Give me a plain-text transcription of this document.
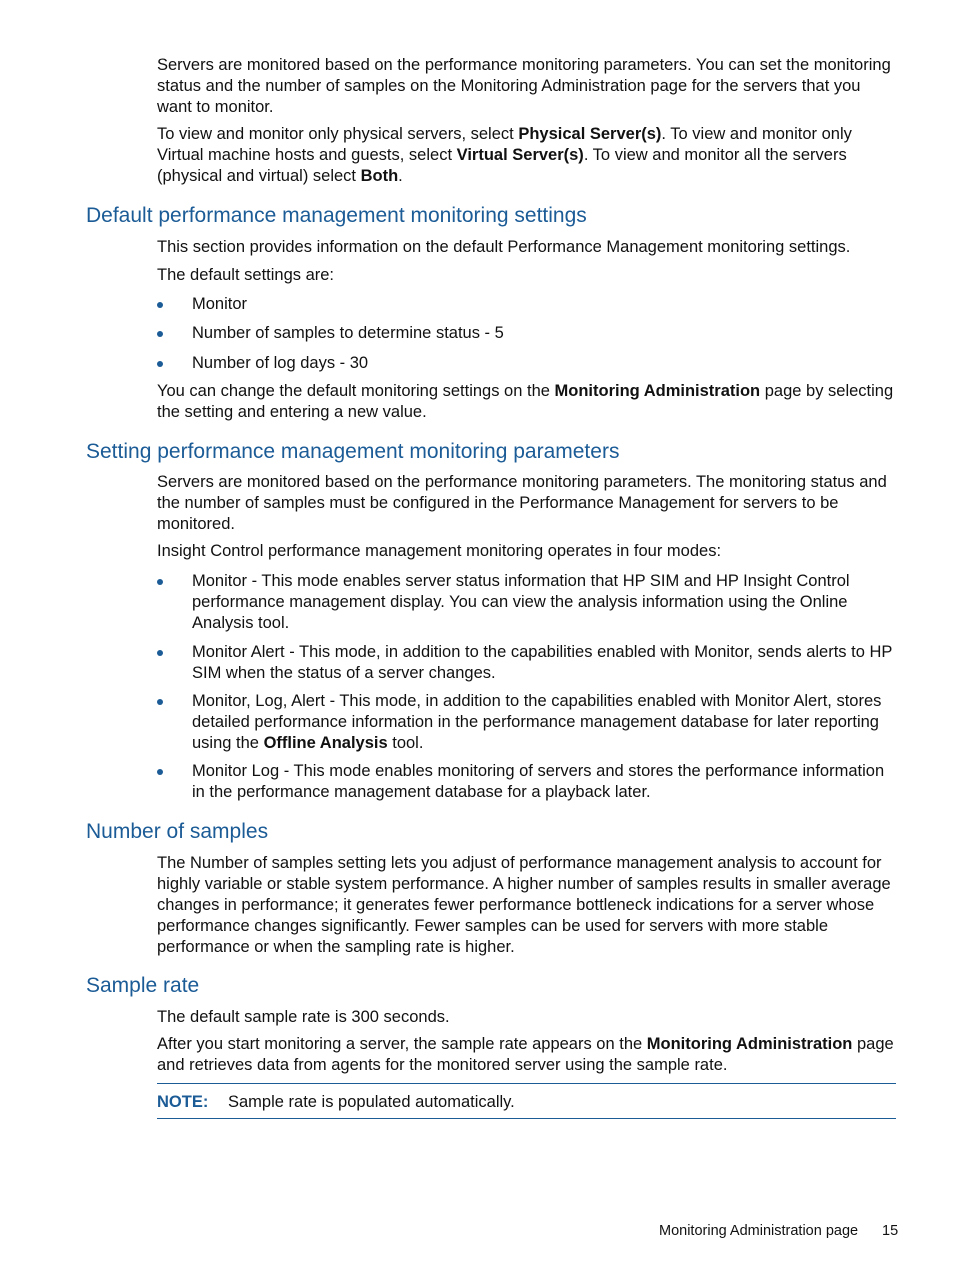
Servers are monitored based on the performance monitoring parameters. You can set the monitoring status and the number of samples on the Monitoring Administration page for the servers that you want to monitor.

To view and monitor only physical servers, select Physical Server(s). To view and monitor only Virtual machine hosts and guests, select Virtual Server(s). To view and monitor all the servers (physical and virtual) select Both.

Default performance management monitoring settings

This section provides information on the default Performance Management monitoring settings.

The default settings are:

Monitor
Number of samples to determine status - 5
Number of log days - 30

You can change the default monitoring settings on the Monitoring Administration page by selecting the setting and entering a new value.

Setting performance management monitoring parameters

Servers are monitored based on the performance monitoring parameters. The monitoring status and the number of samples must be configured in the Performance Management for servers to be monitored.

Insight Control performance management monitoring operates in four modes:

Monitor - This mode enables server status information that HP SIM and HP Insight Control performance management display. You can view the analysis information using the Online Analysis tool.
Monitor Alert - This mode, in addition to the capabilities enabled with Monitor, sends alerts to HP SIM when the status of a server changes.
Monitor, Log, Alert - This mode, in addition to the capabilities enabled with Monitor Alert, stores detailed performance information in the performance management database for later reporting using the Offline Analysis tool.
Monitor Log - This mode enables monitoring of servers and stores the performance information in the performance management database for a playback later.
Number of samples

The Number of samples setting lets you adjust of performance management analysis to account for highly variable or stable system performance. A higher number of samples results in smaller average changes in performance; it generates fewer performance bottleneck indications for a server whose performance changes significantly. Fewer samples can be used for servers with more stable performance or when the sampling rate is higher.

Sample rate

The default sample rate is 300 seconds.

After you start monitoring a server, the sample rate appears on the Monitoring Administration page and retrieves data from agents for the monitored server using the sample rate.

NOTE: Sample rate is populated automatically.
Monitoring Administration page 15
